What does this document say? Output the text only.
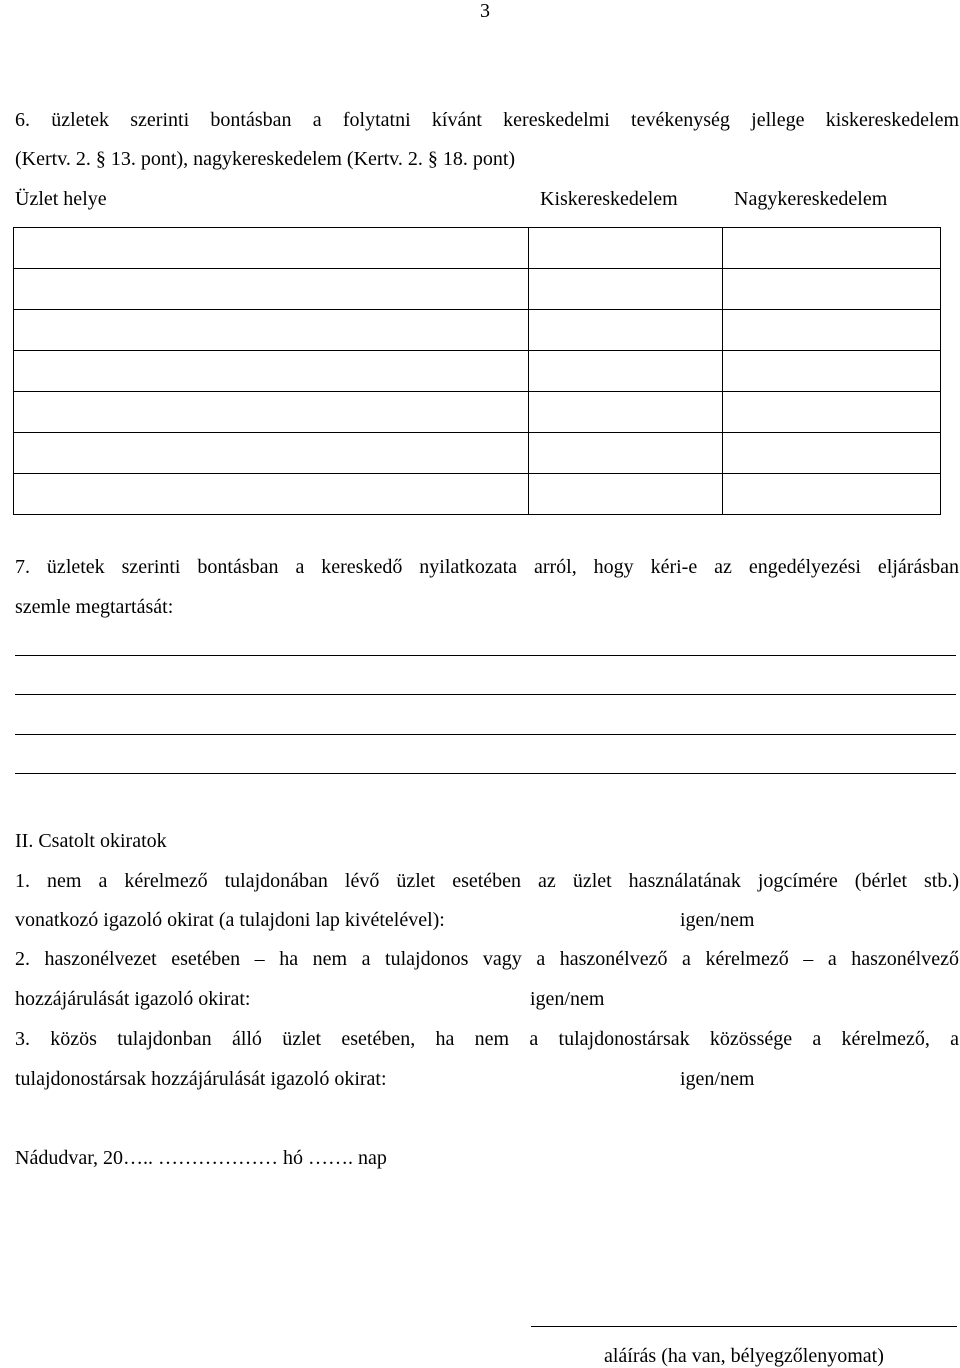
3
6. üzletek szerinti bontásban a folytatni kívánt kereskedelmi tevékenység jellege kiskereskedelem
(Kertv. 2. § 13. pont), nagykereskedelem (Kertv. 2. § 18. pont)
Üzlet helye	Kiskereskedelem	Nagykereskedelem

7. üzletek szerinti bontásban a kereskedő nyilatkozata arról, hogy kéri-e az engedélyezési eljárásban
szemle megtartását:
II. Csatolt okiratok
1. nem a kérelmező tulajdonában lévő üzlet esetében az üzlet használatának jogcímére (bérlet stb.)
vonatkozó igazoló okirat (a tulajdoni lap kivételével):	igen/nem
2. haszonélvezet esetében – ha nem a tulajdonos vagy a haszonélvező a kérelmező – a haszonélvező
hozzájárulását igazoló okirat:	igen/nem
3. közös tulajdonban álló üzlet esetében, ha nem a tulajdonostársak közössége a kérelmező, a
tulajdonostársak hozzájárulását igazoló okirat:	igen/nem
Nádudvar, 20….. ……………… hó ……. nap
aláírás (ha van, bélyegzőlenyomat)
